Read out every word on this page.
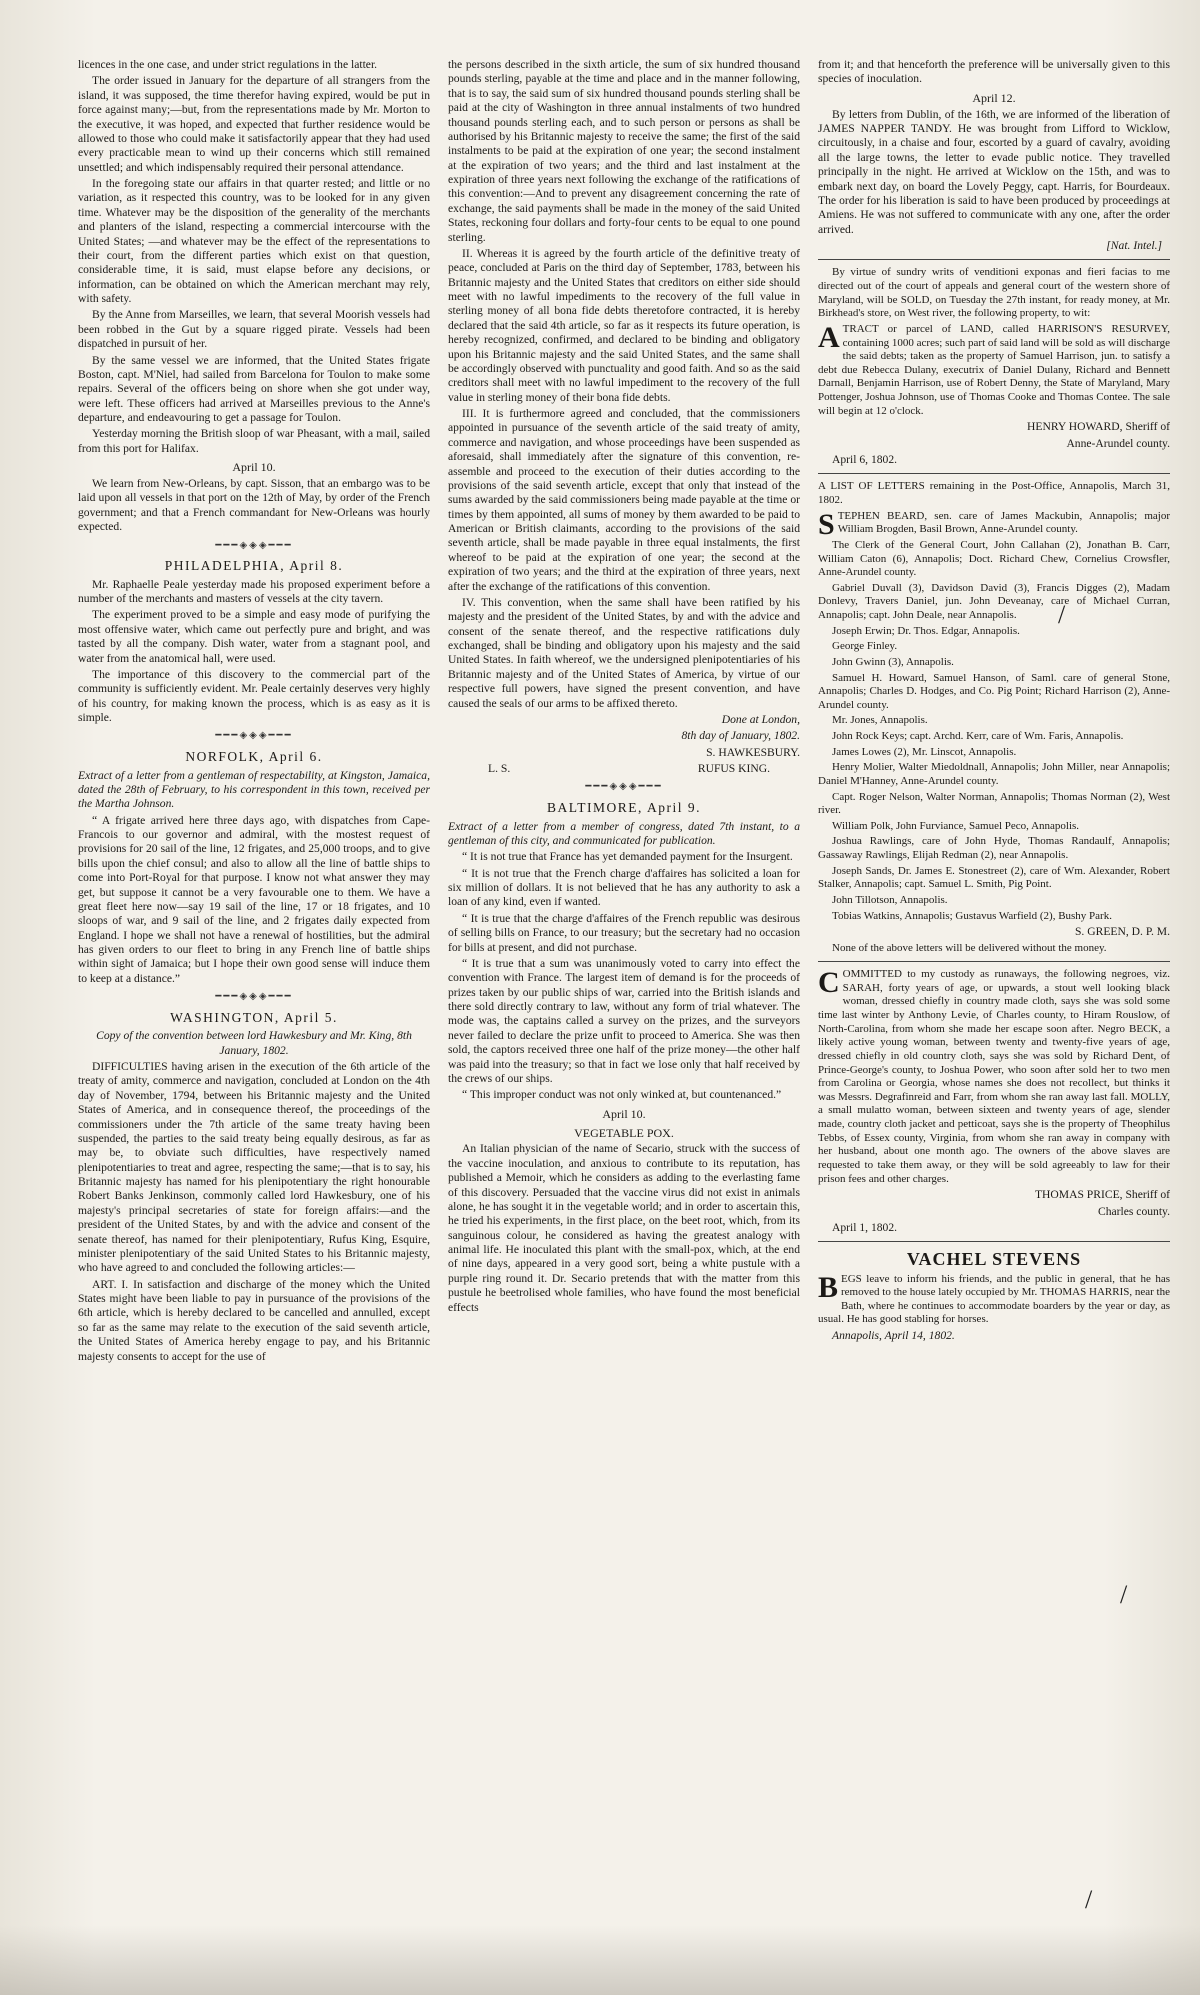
licences in the one case, and under strict regulations in the latter.

The order issued in January for the departure of all strangers from the island, it was supposed, the time therefor having expired, would be put in force against many;—but, from the representations made by Mr. Morton to the executive, it was hoped, and expected that further residence would be allowed to those who could make it satisfactorily appear that they had used every practicable mean to wind up their concerns which still remained unsettled; and which indispensably required their personal attendance.

In the foregoing state our affairs in that quarter rested; and little or no variation, as it respected this country, was to be looked for in any given time. Whatever may be the disposition of the generality of the merchants and planters of the island, respecting a commercial intercourse with the United States; —and whatever may be the effect of the representations to their court, from the different parties which exist on that question, considerable time, it is said, must elapse before any decisions, or information, can be obtained on which the American merchant may rely, with safety.

By the Anne from Marseilles, we learn, that several Moorish vessels had been robbed in the Gut by a square rigged pirate. Vessels had been dispatched in pursuit of her.

By the same vessel we are informed, that the United States frigate Boston, capt. M'Niel, had sailed from Barcelona for Toulon to make some repairs. Several of the officers being on shore when she got under way, were left. These officers had arrived at Marseilles previous to the Anne's departure, and endeavouring to get a passage for Toulon.

Yesterday morning the British sloop of war Pheasant, with a mail, sailed from this port for Halifax.

April 10.

We learn from New-Orleans, by capt. Sisson, that an embargo was to be laid upon all vessels in that port on the 12th of May, by order of the French government; and that a French commandant for New-Orleans was hourly expected.

━━━◈◈◈━━━
PHILADELPHIA, April 8.

Mr. Raphaelle Peale yesterday made his proposed experiment before a number of the merchants and masters of vessels at the city tavern.

The experiment proved to be a simple and easy mode of purifying the most offensive water, which came out perfectly pure and bright, and was tasted by all the company. Dish water, water from a stagnant pool, and water from the anatomical hall, were used.

The importance of this discovery to the commercial part of the community is sufficiently evident. Mr. Peale certainly deserves very highly of his country, for making known the process, which is as easy as it is simple.

━━━◈◈◈━━━
NORFOLK, April 6.

Extract of a letter from a gentleman of respectability, at Kingston, Jamaica, dated the 28th of February, to his correspondent in this town, received per the Martha Johnson.

“ A frigate arrived here three days ago, with dispatches from Cape-Francois to our governor and admiral, with the mostest request of provisions for 20 sail of the line, 12 frigates, and 25,000 troops, and to give bills upon the chief consul; and also to allow all the line of battle ships to come into Port-Royal for that purpose. I know not what answer they may get, but suppose it cannot be a very favourable one to them. We have a great fleet here now—say 19 sail of the line, 17 or 18 frigates, and 10 sloops of war, and 9 sail of the line, and 2 frigates daily expected from England. I hope we shall not have a renewal of hostilities, but the admiral has given orders to our fleet to bring in any French line of battle ships within sight of Jamaica; but I hope their own good sense will induce them to keep at a distance.”

━━━◈◈◈━━━
WASHINGTON, April 5.

Copy of the convention between lord Hawkesbury and Mr. King, 8th January, 1802.

DIFFICULTIES having arisen in the execution of the 6th article of the treaty of amity, commerce and navigation, concluded at London on the 4th day of November, 1794, between his Britannic majesty and the United States of America, and in consequence thereof, the proceedings of the commissioners under the 7th article of the same treaty having been suspended, the parties to the said treaty being equally desirous, as far as may be, to obviate such difficulties, have respectively named plenipotentiaries to treat and agree, respecting the same;—that is to say, his Britannic majesty has named for his plenipotentiary the right honourable Robert Banks Jenkinson, commonly called lord Hawkesbury, one of his majesty's principal secretaries of state for foreign affairs:—and the president of the United States, by and with the advice and consent of the senate thereof, has named for their plenipotentiary, Rufus King, Esquire, minister plenipotentiary of the said United States to his Britannic majesty, who have agreed to and concluded the following articles:—

ART. I. In satisfaction and discharge of the money which the United States might have been liable to pay in pursuance of the provisions of the 6th article, which is hereby declared to be cancelled and annulled, except so far as the same may relate to the execution of the said seventh article, the United States of America hereby engage to pay, and his Britannic majesty consents to accept for the use of

the persons described in the sixth article, the sum of six hundred thousand pounds sterling, payable at the time and place and in the manner following, that is to say, the said sum of six hundred thousand pounds sterling shall be paid at the city of Washington in three annual instalments of two hundred thousand pounds sterling each, and to such person or persons as shall be authorised by his Britannic majesty to receive the same; the first of the said instalments to be paid at the expiration of one year; the second instalment at the expiration of two years; and the third and last instalment at the expiration of three years next following the exchange of the ratifications of this convention:—And to prevent any disagreement concerning the rate of exchange, the said payments shall be made in the money of the said United States, reckoning four dollars and forty-four cents to be equal to one pound sterling.

II. Whereas it is agreed by the fourth article of the definitive treaty of peace, concluded at Paris on the third day of September, 1783, between his Britannic majesty and the United States that creditors on either side should meet with no lawful impediments to the recovery of the full value in sterling money of all bona fide debts theretofore contracted, it is hereby declared that the said 4th article, so far as it respects its future operation, is hereby recognized, confirmed, and declared to be binding and obligatory upon his Britannic majesty and the said United States, and the same shall be accordingly observed with punctuality and good faith. And so as the said creditors shall meet with no lawful impediment to the recovery of the full value in sterling money of their bona fide debts.

III. It is furthermore agreed and concluded, that the commissioners appointed in pursuance of the seventh article of the said treaty of amity, commerce and navigation, and whose proceedings have been suspended as aforesaid, shall immediately after the signature of this convention, re-assemble and proceed to the execution of their duties according to the provisions of the said seventh article, except that only that instead of the sums awarded by the said commissioners being made payable at the time or times by them appointed, all sums of money by them awarded to be paid to American or British claimants, according to the provisions of the said seventh article, shall be made payable in three equal instalments, the first whereof to be paid at the expiration of one year; the second at the expiration of two years; and the third at the expiration of three years, next after the exchange of the ratifications of this convention.

IV. This convention, when the same shall have been ratified by his majesty and the president of the United States, by and with the advice and consent of the senate thereof, and the respective ratifications duly exchanged, shall be binding and obligatory upon his majesty and the said United States. In faith whereof, we the undersigned plenipotentiaries of his Britannic majesty and of the United States of America, by virtue of our respective full powers, have signed the present convention, and have caused the seals of our arms to be affixed thereto.

Done at London,
8th day of January, 1802.
S. HAWKESBURY.
L. S.	RUFUS KING.
━━━◈◈◈━━━
BALTIMORE, April 9.

Extract of a letter from a member of congress, dated 7th instant, to a gentleman of this city, and communicated for publication.

“ It is not true that France has yet demanded payment for the Insurgent.

“ It is not true that the French charge d'affaires has solicited a loan for six million of dollars. It is not believed that he has any authority to ask a loan of any kind, even if wanted.

“ It is true that the charge d'affaires of the French republic was desirous of selling bills on France, to our treasury; but the secretary had no occasion for bills at present, and did not purchase.

“ It is true that a sum was unanimously voted to carry into effect the convention with France. The largest item of demand is for the proceeds of prizes taken by our public ships of war, carried into the British islands and there sold directly contrary to law, without any form of trial whatever. The mode was, the captains called a survey on the prizes, and the surveyors never failed to declare the prize unfit to proceed to America. She was then sold, the captors received three one half of the prize money—the other half was paid into the treasury; so that in fact we lose only that half received by the crews of our ships.

“ This improper conduct was not only winked at, but countenanced.”

April 10.
VEGETABLE POX.

An Italian physician of the name of Secario, struck with the success of the vaccine inoculation, and anxious to contribute to its reputation, has published a Memoir, which he considers as adding to the everlasting fame of this discovery. Persuaded that the vaccine virus did not exist in animals alone, he has sought it in the vegetable world; and in order to ascertain this, he tried his experiments, in the first place, on the beet root, which, from its sanguinous colour, he considered as having the greatest analogy with animal life. He inoculated this plant with the small-pox, which, at the end of nine days, appeared in a very good sort, being a white pustule with a purple ring round it. Dr. Secario pretends that with the matter from this pustule he beetrolised whole families, who have found the most beneficial effects

from it; and that henceforth the preference will be universally given to this species of inoculation.

April 12.

By letters from Dublin, of the 16th, we are informed of the liberation of JAMES NAPPER TANDY. He was brought from Lifford to Wicklow, circuitously, in a chaise and four, escorted by a guard of cavalry, avoiding all the large towns, the letter to evade public notice. They travelled principally in the night. He arrived at Wicklow on the 15th, and was to embark next day, on board the Lovely Peggy, capt. Harris, for Bourdeaux. The order for his liberation is said to have been produced by proceedings at Amiens. He was not suffered to communicate with any one, after the order arrived.

[Nat. Intel.]

By virtue of sundry writs of venditioni exponas and fieri facias to me directed out of the court of appeals and general court of the western shore of Maryland, will be SOLD, on Tuesday the 27th instant, for ready money, at Mr. Birkhead's store, on West river, the following property, to wit:

ATRACT or parcel of LAND, called HARRISON'S RESURVEY, containing 1000 acres; such part of said land will be sold as will discharge the said debts; taken as the property of Samuel Harrison, jun. to satisfy a debt due Rebecca Dulany, executrix of Daniel Dulany, Richard and Bennett Darnall, Benjamin Harrison, use of Robert Denny, the State of Maryland, Mary Pottenger, Joshua Johnson, use of Thomas Cooke and Thomas Contee. The sale will begin at 12 o'clock.

HENRY HOWARD, Sheriff of
Anne-Arundel county.
April 6, 1802.

A LIST OF LETTERS remaining in the Post-Office, Annapolis, March 31, 1802.

STEPHEN BEARD, sen. care of James Mackubin, Annapolis; major William Brogden, Basil Brown, Anne-Arundel county.

The Clerk of the General Court, John Callahan (2), Jonathan B. Carr, William Caton (6), Annapolis; Doct. Richard Chew, Cornelius Crowsfler, Anne-Arundel county.

Gabriel Duvall (3), Davidson David (3), Francis Digges (2), Madam Donlevy, Travers Daniel, jun. John Deveanay, care of Michael Curran, Annapolis; capt. John Deale, near Annapolis.

Joseph Erwin; Dr. Thos. Edgar, Annapolis.

George Finley.

John Gwinn (3), Annapolis.

Samuel H. Howard, Samuel Hanson, of Saml. care of general Stone, Annapolis; Charles D. Hodges, and Co. Pig Point; Richard Harrison (2), Anne-Arundel county.

Mr. Jones, Annapolis.

John Rock Keys; capt. Archd. Kerr, care of Wm. Faris, Annapolis.

James Lowes (2), Mr. Linscot, Annapolis.

Henry Molier, Walter Miedoldnall, Annapolis; John Miller, near Annapolis; Daniel M'Hanney, Anne-Arundel county.

Capt. Roger Nelson, Walter Norman, Annapolis; Thomas Norman (2), West river.

William Polk, John Furviance, Samuel Peco, Annapolis.

Joshua Rawlings, care of John Hyde, Thomas Randaulf, Annapolis; Gassaway Rawlings, Elijah Redman (2), near Annapolis.

Joseph Sands, Dr. James E. Stonestreet (2), care of Wm. Alexander, Robert Stalker, Annapolis; capt. Samuel L. Smith, Pig Point.

John Tillotson, Annapolis.

Tobias Watkins, Annapolis; Gustavus Warfield (2), Bushy Park.

S. GREEN, D. P. M.

None of the above letters will be delivered without the money.

COMMITTED to my custody as runaways, the following negroes, viz. SARAH, forty years of age, or upwards, a stout well looking black woman, dressed chiefly in country made cloth, says she was sold some time last winter by Anthony Levie, of Charles county, to Hiram Rouslow, of North-Carolina, from whom she made her escape soon after. Negro BECK, a likely active young woman, between twenty and twenty-five years of age, dressed chiefly in old country cloth, says she was sold by Richard Dent, of Prince-George's county, to Joshua Power, who soon after sold her to two men from Carolina or Georgia, whose names she does not recollect, but thinks it was Messrs. Degrafinreid and Farr, from whom she ran away last fall. MOLLY, a small mulatto woman, between sixteen and twenty years of age, slender made, country cloth jacket and petticoat, says she is the property of Theophilus Tebbs, of Essex county, Virginia, from whom she ran away in company with her husband, about one month ago. The owners of the above slaves are requested to take them away, or they will be sold agreeably to law for their prison fees and other charges.

THOMAS PRICE, Sheriff of
Charles county.
April 1, 1802.
VACHEL STEVENS

BEGS leave to inform his friends, and the public in general, that he has removed to the house lately occupied by Mr. THOMAS HARRIS, near the Bath, where he continues to accommodate boarders by the year or day, as usual. He has good stabling for horses.

Annapolis, April 14, 1802.
/
/
/
